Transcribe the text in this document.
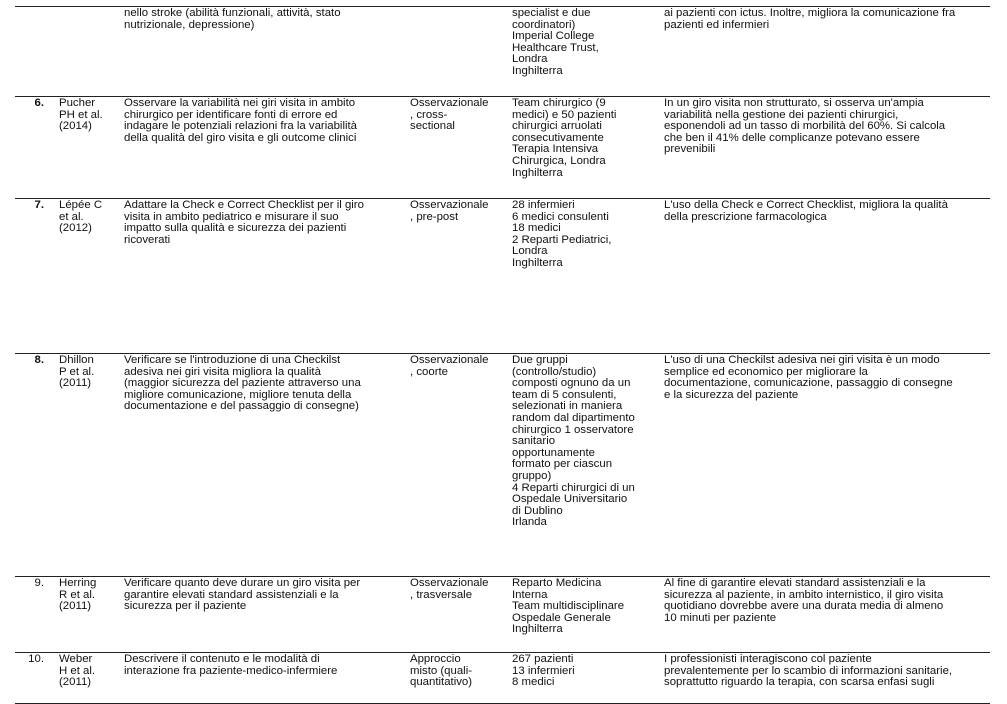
nello stroke (abilità funzionali, attività, stato
nutrizionale, depressione)

specialist e due
coordinatori)
Imperial College
Healthcare Trust,
Londra
Inghilterra

ai pazienti con ictus. Inoltre, migliora la comunicazione fra
pazienti ed infermieri

6. Pucher
PH et al.
(2014)

Osservare la variabilità nei giri visita in ambito
chirurgico per identificare fonti di errore ed
indagare le potenziali relazioni fra la variabilità
della qualità del giro visita e gli outcome clinici

Osservazionale
, cross-
sectional

Team chirurgico (9
medici) e 50 pazienti
chirurgici arruolati
consecutivamente
Terapia Intensiva
Chirurgica, Londra
Inghilterra

In un giro visita non strutturato, si osserva un'ampia
variabilità nella gestione dei pazienti chirurgici,
esponendoli ad un tasso di morbilità del 60%. Si calcola
che ben il 41% delle complicanze potevano essere
prevenibili

7. Lépée C
et al.
(2012)

Adattare la Check e Correct Checklist per il giro
visita in ambito pediatrico e misurare il suo
impatto sulla qualità e sicurezza dei pazienti
ricoverati

Osservazionale
, pre-post

28 infermieri
6 medici consulenti
18 medici
2 Reparti Pediatrici,
Londra
Inghilterra

L'uso della Check e Correct Checklist, migliora la qualità
della prescrizione farmacologica

8. Dhillon
P et al.
(2011)

Verificare se l'introduzione di una Checkilst
adesiva nei giri visita migliora la qualità
(maggior sicurezza del paziente attraverso una
migliore comunicazione, migliore tenuta della
documentazione e del passaggio di consegne)

Osservazionale
, coorte

Due gruppi
(controllo/studio)
composti ognuno da un
team di 5 consulenti,
selezionati in maniera
random dal dipartimento
chirurgico 1 osservatore
sanitario
opportunamente
formato per ciascun
gruppo)
4 Reparti chirurgici di un
Ospedale Universitario
di Dublino
Irlanda

L'uso di una Checkilst adesiva nei giri visita è un modo
semplice ed economico per migliorare la
documentazione, comunicazione, passaggio di consegne
e la sicurezza del paziente

9. Herring
R et al.
(2011)

Verificare quanto deve durare un giro visita per
garantire elevati standard assistenziali e la
sicurezza per il paziente

Osservazionale
, trasversale

Reparto Medicina
Interna
Team multidisciplinare
Ospedale Generale
Inghilterra

Al fine di garantire elevati standard assistenziali e la
sicurezza al paziente, in ambito internistico, il giro visita
quotidiano dovrebbe avere una durata media di almeno
10 minuti per paziente

10. Weber
H et al.
(2011)

Descrivere il contenuto e le modalità di
interazione fra paziente-medico-infermiere

Approccio
misto (quali-
quantitativo)

267 pazienti
13 infermieri
8 medici

I professionisti interagiscono col paziente
prevalentemente per lo scambio di informazioni sanitarie,
soprattutto riguardo la terapia, con scarsa enfasi sugli
